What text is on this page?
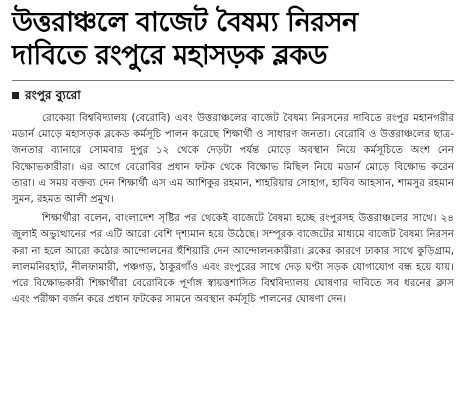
উত্তরাঞ্চলে বাজেট বৈষম্য নিরসন
দাবিতে রংপুরে মহাসড়ক ব্লকড

রংপুর ব্যুরো

রোকেয়া বিশ্ববিদ্যালয় (বেরোবি) এবং উত্তরাঞ্চলের বাজেট বৈষম্য নিরসনের দাবিতে রংপুর মহানগরীর মডার্ন মোড়ে মহাসড়ক ব্লকেড কর্মসূচি পালন করেছে শিক্ষার্থী ও সাধারণ জনতা। বেরোবি ও উত্তরাঞ্চলের ছাত্র-জনতার ব্যানারে সোমবার দুপুর ১২ থেকে দেড়টা পর্যন্ত মোড়ে অবস্থান নিয়ে কর্মসূচিতে অংশ নেন বিক্ষোভকারীরা। এর আগে বেরোবির প্রধান ফটক থেকে বিক্ষোভ মিছিল নিয়ে মডার্ন মোড়ে বিক্ষোভ করেন তারা। এ সময় বক্তব্য দেন শিক্ষার্থী এস এম আশিকুর রহমান, শাহরিয়ার সোহাগ, হাবিব আহসান, শামসুর রহমান সুমন, রহমত আলী প্রমুখ।

শিক্ষার্থীরা বলেন, বাংলাদেশ সৃষ্টির পর থেকেই বাজেটে বৈষম্য হচ্ছে রংপুরসহ উত্তরাঞ্চলের সাথে। ২৪ জুলাই অভ্যুত্থানের পর এটি আরো বেশি দৃশ্যমান হয়ে উঠেছে। সম্পূরক বাজেটের মাধ্যমে বাজেট বৈষম্য নিরসন করা না হলে আরো কঠোর আন্দোলনের হুঁশিয়ারি দেন আন্দোলনকারীরা। ব্লকের কারণে ঢাকার সাথে কুড়িগ্রাম, লালমনিরহাট, নীলফামারী, পঞ্চগড়, ঠাকুরগাঁও এবং রংপুরের সাথে দেড় ঘণ্টা সড়ক যোগাযোগ বন্ধ হয়ে যায়। পরে বিক্ষোভকারী শিক্ষার্থীরা বেরোবিকে পূর্ণাঙ্গ স্বায়ত্তশাসিত বিশ্ববিদ্যালয় ঘোষণার দাবিতে সব ধরনের ক্লাস এবং পরীক্ষা বর্জন করে প্রধান ফটকের সামনে অবস্থান কর্মসূচি পালনের ঘোষণা দেন।
